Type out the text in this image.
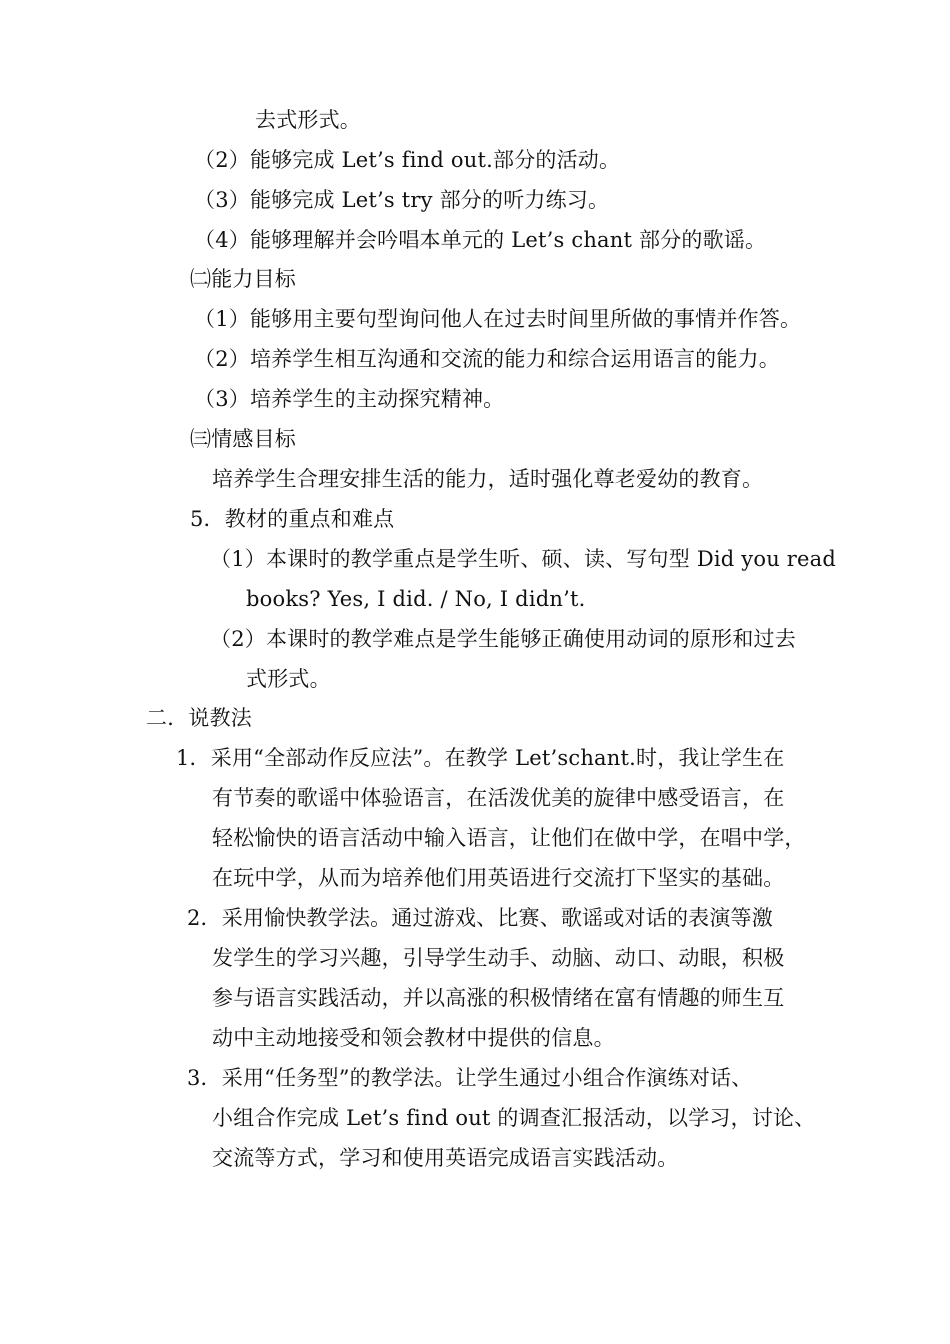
去式形式。
（2）能够完成 Let’s find out.部分的活动。
（3）能够完成 Let’s try 部分的听力练习。
（4）能够理解并会吟唱本单元的 Let’s chant 部分的歌谣。
㈡能力目标
（1）能够用主要句型询问他人在过去时间里所做的事情并作答。
（2）培养学生相互沟通和交流的能力和综合运用语言的能力。
（3）培养学生的主动探究精神。
㈢情感目标
培养学生合理安排生活的能力，适时强化尊老爱幼的教育。
5．教材的重点和难点
（1）本课时的教学重点是学生听、硕、读、写句型 Did you read
books? Yes, I did. / No, I didn’t.
（2）本课时的教学难点是学生能够正确使用动词的原形和过去
式形式。
二．说教法
1．采用“全部动作反应法”。在教学 Let’schant.时，我让学生在
有节奏的歌谣中体验语言，在活泼优美的旋律中感受语言，在
轻松愉快的语言活动中输入语言，让他们在做中学，在唱中学，
在玩中学，从而为培养他们用英语进行交流打下坚实的基础。
2．采用愉快教学法。通过游戏、比赛、歌谣或对话的表演等激
发学生的学习兴趣，引导学生动手、动脑、动口、动眼，积极
参与语言实践活动，并以高涨的积极情绪在富有情趣的师生互
动中主动地接受和领会教材中提供的信息。
3．采用“任务型”的教学法。让学生通过小组合作演练对话、
小组合作完成 Let’s find out 的调查汇报活动，以学习，讨论、
交流等方式，学习和使用英语完成语言实践活动。
